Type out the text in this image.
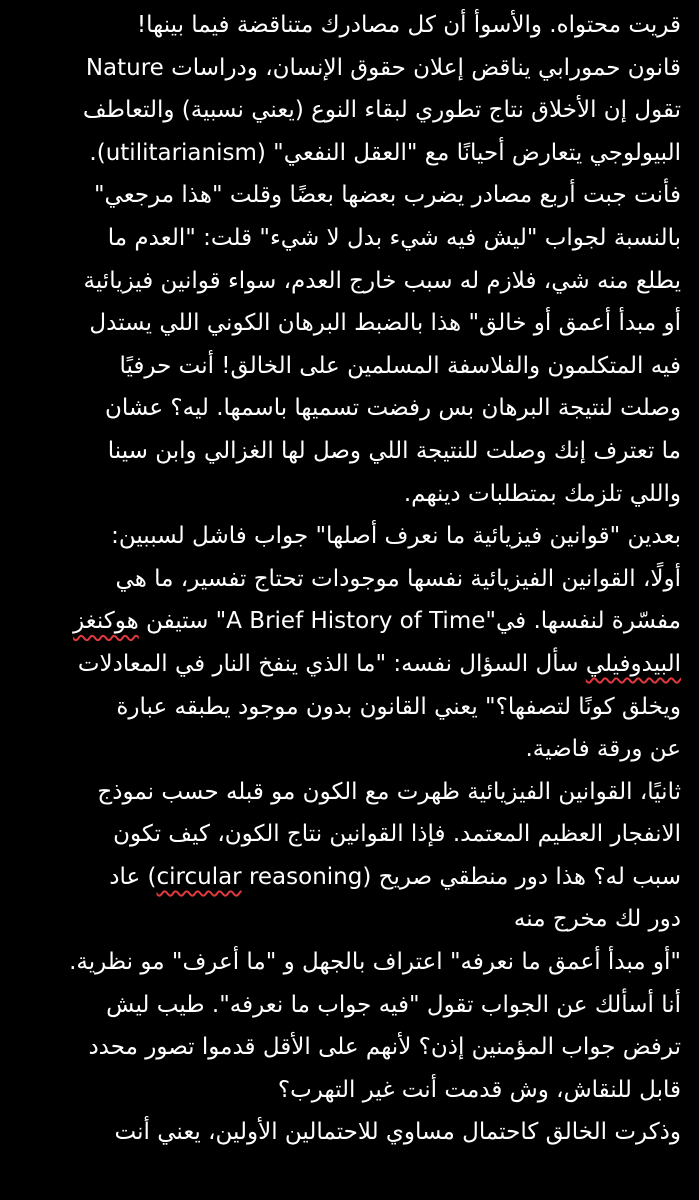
قريت محتواه. والأسوأ أن كل مصادرك متناقضة فيما بينها!
قانون حمورابي يناقض إعلان حقوق الإنسان، ودراسات Nature
تقول إن الأخلاق نتاج تطوري لبقاء النوع (يعني نسبية) والتعاطف
البيولوجي يتعارض أحيانًا مع "العقل النفعي" (utilitarianism).
فأنت جبت أربع مصادر يضرب بعضها بعضًا وقلت "هذا مرجعي"
بالنسبة لجواب "ليش فيه شيء بدل لا شيء" قلت: "العدم ما
يطلع منه شي، فلازم له سبب خارج العدم، سواء قوانين فيزيائية
أو مبدأ أعمق أو خالق" هذا بالضبط البرهان الكوني اللي يستدل
فيه المتكلمون والفلاسفة المسلمين على الخالق! أنت حرفيًا
وصلت لنتيجة البرهان بس رفضت تسميها باسمها. ليه؟ عشان
ما تعترف إنك وصلت للنتيجة اللي وصل لها الغزالي وابن سينا
واللي تلزمك بمتطلبات دينهم.
بعدين "قوانين فيزيائية ما نعرف أصلها" جواب فاشل لسببين:
أولًا، القوانين الفيزيائية نفسها موجودات تحتاج تفسير، ما هي
مفسّرة لنفسها. في"A Brief History of Time" ستيفن هوكنغز
البيدوفيلي سأل السؤال نفسه: "ما الذي ينفخ النار في المعادلات
ويخلق كونًا لتصفها؟" يعني القانون بدون موجود يطبقه عبارة
عن ورقة فاضية.
ثانيًا، القوانين الفيزيائية ظهرت مع الكون مو قبله حسب نموذج
الانفجار العظيم المعتمد. فإذا القوانين نتاج الكون، كيف تكون
سبب له؟ هذا دور منطقي صريح (circular reasoning) عاد
دور لك مخرج منه
"أو مبدأ أعمق ما نعرفه" اعتراف بالجهل و "ما أعرف" مو نظرية.
أنا أسألك عن الجواب تقول "فيه جواب ما نعرفه". طيب ليش
ترفض جواب المؤمنين إذن؟ لأنهم على الأقل قدموا تصور محدد
قابل للنقاش، وش قدمت أنت غير التهرب؟
وذكرت الخالق كاحتمال مساوي للاحتمالين الأولين، يعني أنت
